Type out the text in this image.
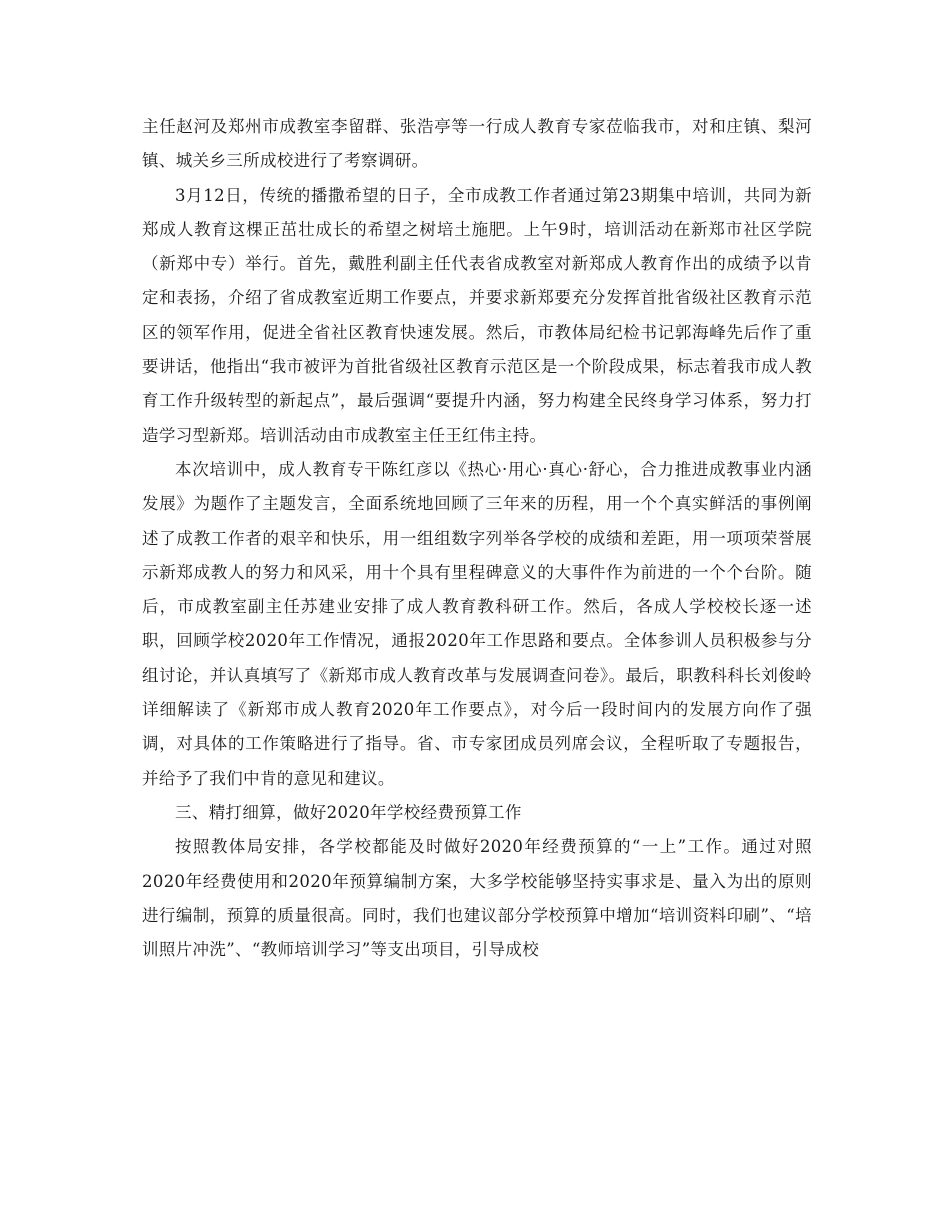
主任赵河及郑州市成教室李留群、张浩亭等一行成人教育专家莅临我市，对和庄镇、梨河镇、城关乡三所成校进行了考察调研。

3月12日，传统的播撒希望的日子，全市成教工作者通过第23期集中培训，共同为新郑成人教育这棵正茁壮成长的希望之树培土施肥。上午9时，培训活动在新郑市社区学院（新郑中专）举行。首先，戴胜利副主任代表省成教室对新郑成人教育作出的成绩予以肯定和表扬，介绍了省成教室近期工作要点，并要求新郑要充分发挥首批省级社区教育示范区的领军作用，促进全省社区教育快速发展。然后，市教体局纪检书记郭海峰先后作了重要讲话，他指出“我市被评为首批省级社区教育示范区是一个阶段成果，标志着我市成人教育工作升级转型的新起点”，最后强调“要提升内涵，努力构建全民终身学习体系，努力打造学习型新郑。培训活动由市成教室主任王红伟主持。

本次培训中，成人教育专干陈红彦以《热心·用心·真心·舒心，合力推进成教事业内涵发展》为题作了主题发言，全面系统地回顾了三年来的历程，用一个个真实鲜活的事例阐述了成教工作者的艰辛和快乐，用一组组数字列举各学校的成绩和差距，用一项项荣誉展示新郑成教人的努力和风采，用十个具有里程碑意义的大事件作为前进的一个个台阶。随后，市成教室副主任苏建业安排了成人教育教科研工作。然后，各成人学校校长逐一述职，回顾学校2020年工作情况，通报2020年工作思路和要点。全体参训人员积极参与分组讨论，并认真填写了《新郑市成人教育改革与发展调查问卷》。最后，职教科科长刘俊岭详细解读了《新郑市成人教育2020年工作要点》，对今后一段时间内的发展方向作了强调，对具体的工作策略进行了指导。省、市专家团成员列席会议，全程听取了专题报告，并给予了我们中肯的意见和建议。

三、精打细算，做好2020年学校经费预算工作

按照教体局安排，各学校都能及时做好2020年经费预算的“一上”工作。通过对照2020年经费使用和2020年预算编制方案，大多学校能够坚持实事求是、量入为出的原则进行编制，预算的质量很高。同时，我们也建议部分学校预算中增加“培训资料印刷”、“培训照片冲洗”、“教师培训学习”等支出项目，引导成校
